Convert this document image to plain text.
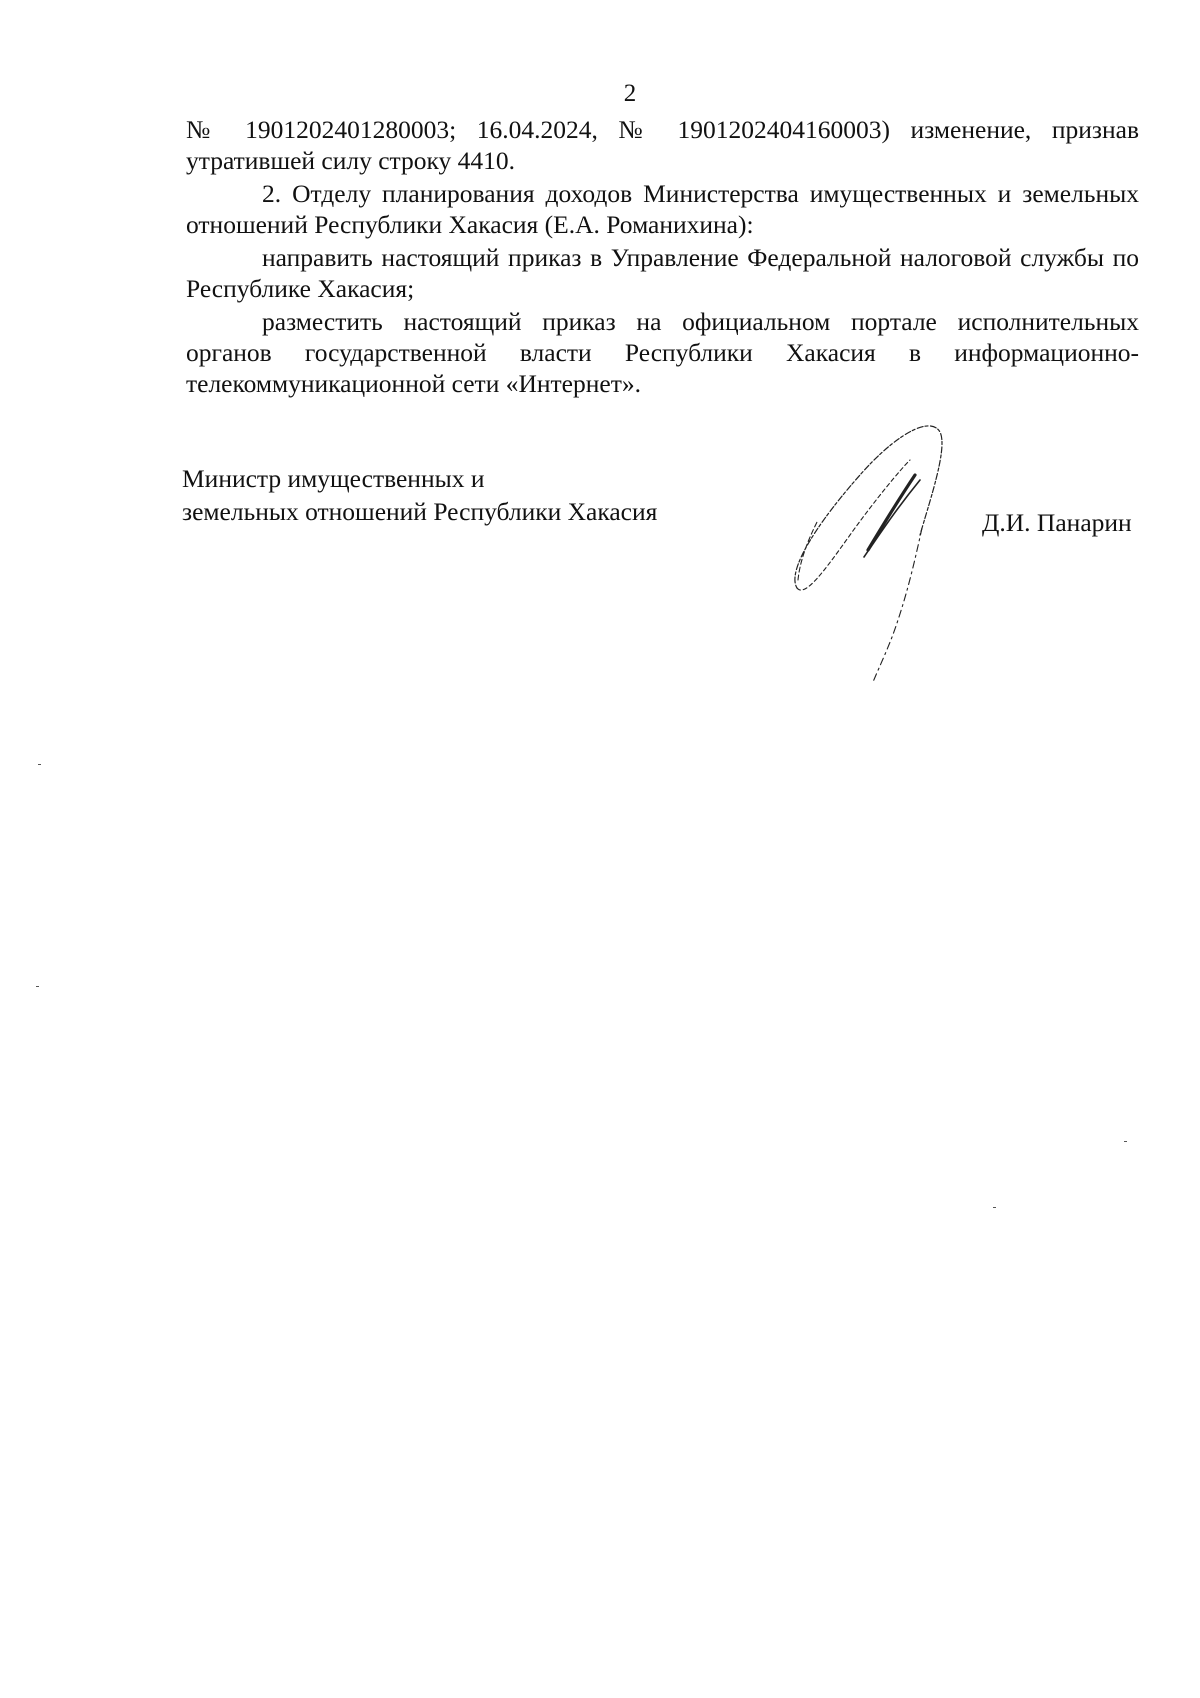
2

№ 1901202401280003; 16.04.2024, № 1901202404160003) изменение, признав утратившей силу строку 4410.

2. Отделу планирования доходов Министерства имущественных и земельных отношений Республики Хакасия (Е.А. Романихина):

направить настоящий приказ в Управление Федеральной налоговой службы по Республике Хакасия;

разместить настоящий приказ на официальном портале исполнительных органов государственной власти Республики Хакасия в информационно-телекоммуникационной сети «Интернет».

Министр имущественных и
земельных отношений Республики Хакасия	Д.И. Панарин
